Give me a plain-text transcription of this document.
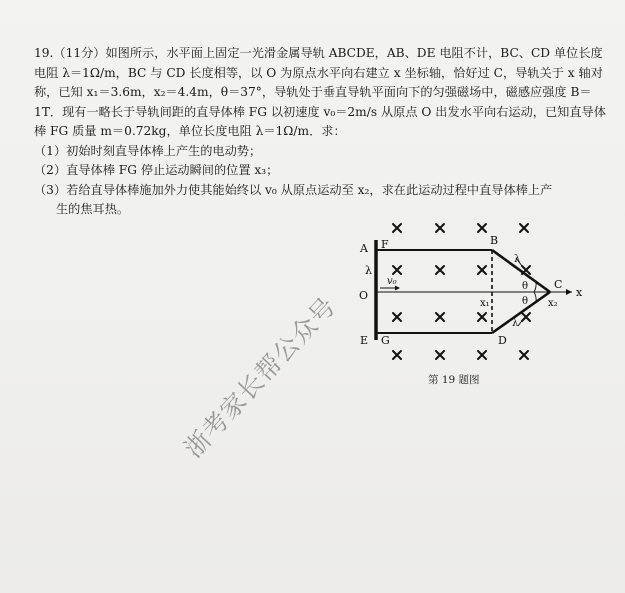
19.（11分）如图所示，水平面上固定一光滑金属导轨 ABCDE，AB、DE 电阻不计，BC、CD 单位长度电阻 λ＝1Ω/m，BC 与 CD 长度相等，以 O 为原点水平向右建立 x 坐标轴，恰好过 C，导轨关于 x 轴对称，已知 x₁＝3.6m，x₂＝4.4m，θ＝37°，导轨处于垂直导轨平面向下的匀强磁场中，磁感应强度 B＝1T．现有一略长于导轨间距的直导体棒 FG 以初速度 v₀＝2m/s 从原点 O 出发水平向右运动，已知直导体棒 FG 质量 m＝0.72kg，单位长度电阻 λ＝1Ω/m．求：
（1）初始时刻直导体棒上产生的电动势；
（2）直导体棒 FG 停止运动瞬间的位置 x₃；
（3）若给直导体棒施加外力使其能始终以 v₀ 从原点运动至 x₂，求在此运动过程中直导体棒上产
生的焦耳热。
A F
λ
O
v₀
E G
B
λ
θ
θ
C
x₁	x₂
x
λ
D
第 19 题图
浙考家长帮公众号
